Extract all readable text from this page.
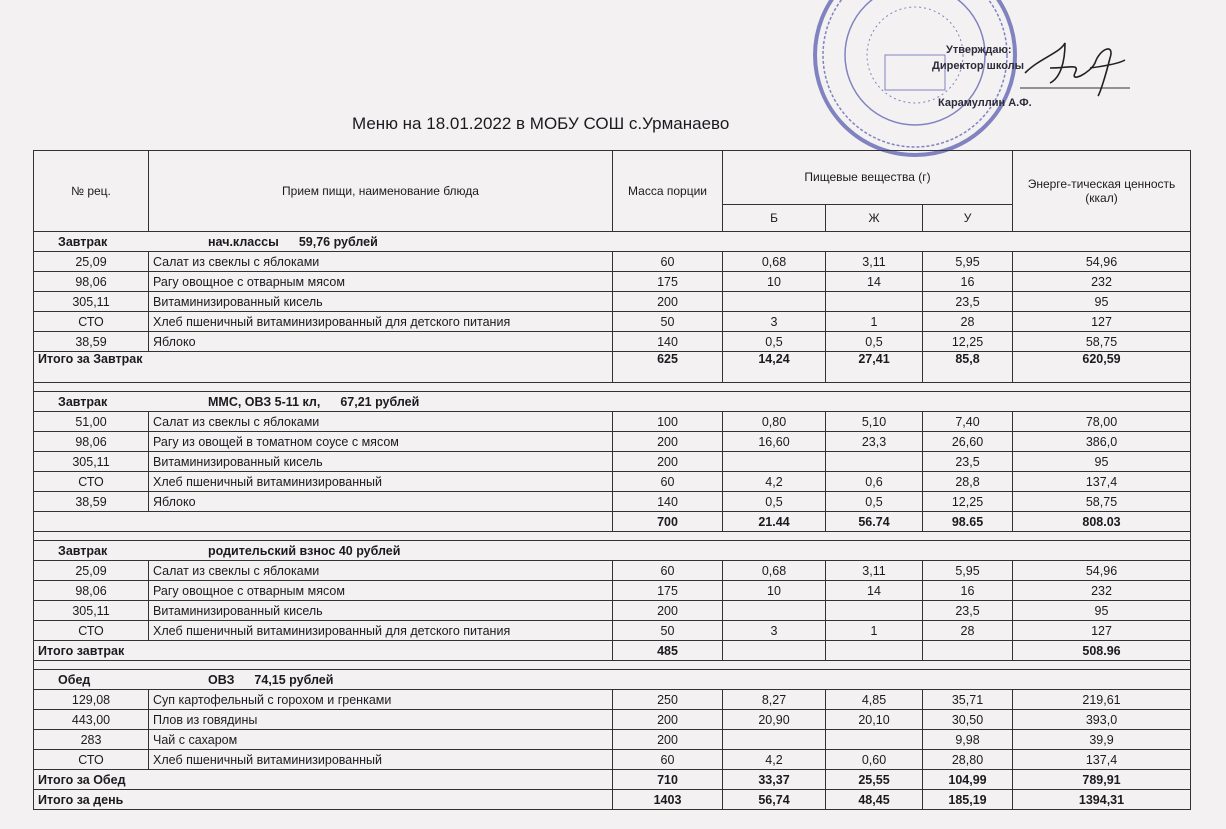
Меню на 18.01.2022 в МОБУ СОШ с.Урманаево
Утверждаю:
Директор школы
Карамуллин А.Ф.
№ рец.	Прием пищи, наименование блюда	Масса порции	Пищевые вещества (г)			Энерге-тическая ценность (ккал)
			Б	Ж	У	
Завтрак нач.классы 59,76 рублей						
25,09	Салат из свеклы с яблоками	60	0,68	3,11	5,95	54,96
98,06	Рагу овощное с отварным мясом	175	10	14	16	232
305,11	Витаминизированный кисель	200			23,5	95
СТО	Хлеб пшеничный витаминизированный для детского питания	50	3	1	28	127
38,59	Яблоко	140	0,5	0,5	12,25	58,75
Итого за Завтрак		625	14,24	27,41	85,8	620,59

Завтрак ММС, ОВЗ 5-11 кл, 67,21 рублей						
51,00	Салат из свеклы с яблоками	100	0,80	5,10	7,40	78,00
98,06	Рагу из овощей в томатном соусе с мясом	200	16,60	23,3	26,60	386,0
305,11	Витаминизированный кисель	200			23,5	95
СТО	Хлеб пшеничный витаминизированный	60	4,2	0,6	28,8	137,4
38,59	Яблоко	140	0,5	0,5	12,25	58,75
		700	21.44	56.74	98.65	808.03

Завтрак родительский взнос 40 рублей						
25,09	Салат из свеклы с яблоками	60	0,68	3,11	5,95	54,96
98,06	Рагу овощное с отварным мясом	175	10	14	16	232
305,11	Витаминизированный кисель	200			23,5	95
СТО	Хлеб пшеничный витаминизированный для детского питания	50	3	1	28	127
Итого завтрак		485				508.96

Обед ОВЗ 74,15 рублей						
129,08	Суп картофельный с горохом и гренками	250	8,27	4,85	35,71	219,61
443,00	Плов из говядины	200	20,90	20,10	30,50	393,0
283	Чай с сахаром	200			9,98	39,9
СТО	Хлеб пшеничный витаминизированный	60	4,2	0,60	28,80	137,4
Итого за Обед		710	33,37	25,55	104,99	789,91
Итого за день		1403	56,74	48,45	185,19	1394,31
